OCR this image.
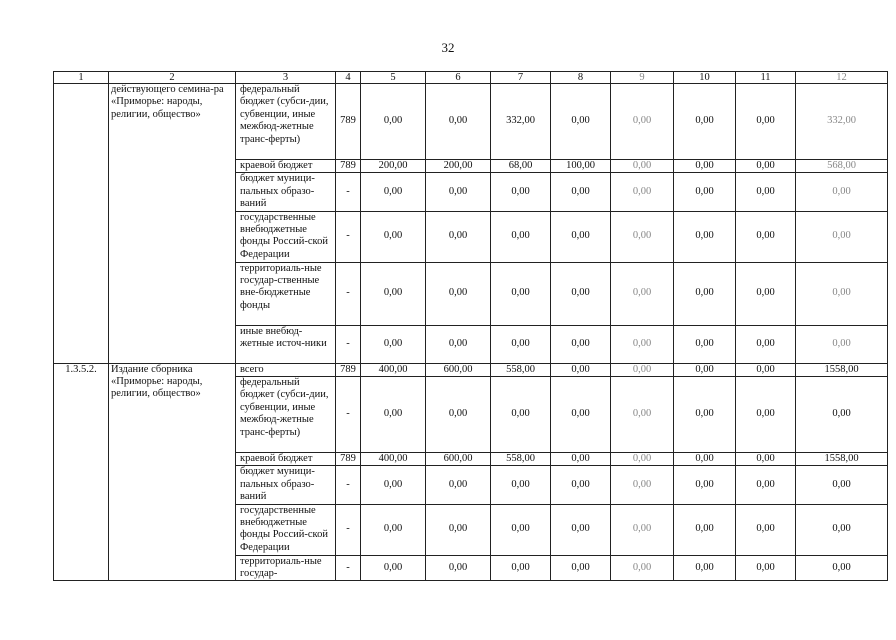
32
1	2	3	4	5	6	7	8	9	10	11	12
	действующего семина-ра «Приморье: народы, религии, общество»	федеральный бюджет (субси-дии, субвенции, иные межбюд-жетные транс-ферты)	789	0,00	0,00	332,00	0,00	0,00	0,00	0,00	332,00
		краевой бюджет	789	200,00	200,00	68,00	100,00	0,00	0,00	0,00	568,00
		бюджет муници-пальных образо-ваний	-	0,00	0,00	0,00	0,00	0,00	0,00	0,00	0,00
		государственные внебюджетные фонды Россий-ской Федерации	-	0,00	0,00	0,00	0,00	0,00	0,00	0,00	0,00
		территориаль-ные государ-ственные вне-бюджетные фонды	-	0,00	0,00	0,00	0,00	0,00	0,00	0,00	0,00
		иные внебюд-жетные источ-ники	-	0,00	0,00	0,00	0,00	0,00	0,00	0,00	0,00
1.3.5.2.	Издание сборника «Приморье: народы, религии, общество»	всего	789	400,00	600,00	558,00	0,00	0,00	0,00	0,00	1558,00
		федеральный бюджет (субси-дии, субвенции, иные межбюд-жетные транс-ферты)	-	0,00	0,00	0,00	0,00	0,00	0,00	0,00	0,00
		краевой бюджет	789	400,00	600,00	558,00	0,00	0,00	0,00	0,00	1558,00
		бюджет муници-пальных образо-ваний	-	0,00	0,00	0,00	0,00	0,00	0,00	0,00	0,00
		государственные внебюджетные фонды Россий-ской Федерации	-	0,00	0,00	0,00	0,00	0,00	0,00	0,00	0,00
		территориаль-ные государ-	-	0,00	0,00	0,00	0,00	0,00	0,00	0,00	0,00
